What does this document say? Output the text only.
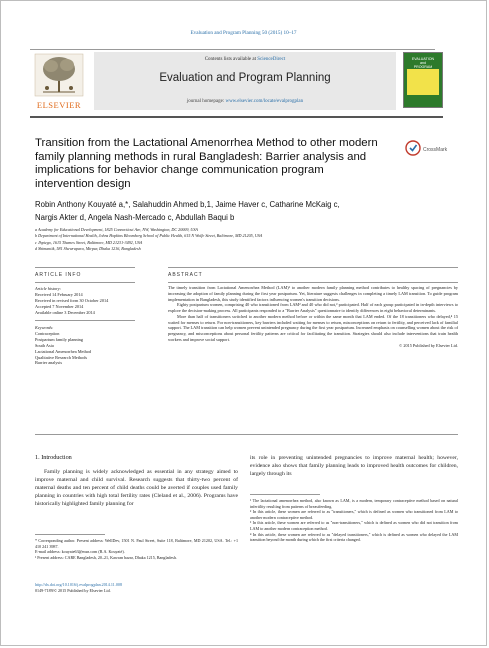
Evaluation and Program Planning 50 (2015) 10–17
ELSEVIER
Contents lists available at ScienceDirect
Evaluation and Program Planning
journal homepage: www.elsevier.com/locate/evalprogplan
EVALUATION
and
PROGRAM
Transition from the Lactational Amenorrhea Method to other modern family planning methods in rural Bangladesh: Barrier analysis and implications for behavior change communication program intervention design
CrossMark
Robin Anthony Kouyaté a,*, Salahuddin Ahmed b,1, Jaime Haver c, Catharine McKaig c,
Nargis Akter d, Angela Nash-Mercado c, Abdullah Baqui b
a Academy for Educational Development, 1825 Connecticut Ave, NW, Washington, DC 20009, USA
b Department of International Health, Johns Hopkins Bloomberg School of Public Health, 615 N Wolfe Street, Baltimore, MD 21205, USA
c Jhpiego, 1615 Thames Street, Baltimore, MD 21231-3492, USA
d Shimantik, 581 Shewrapara, Mirpur, Dhaka 1216, Bangladesh
ARTICLE INFO
Article history:
Received 14 February 2014
Received in revised form 30 October 2014
Accepted 7 November 2014
Available online 3 December 2014
Keywords:
Contraception
Postpartum family planning
South Asia
Lactational Amenorrhea Method
Qualitative Research Methods
Barrier analysis
ABSTRACT

The timely transition from Lactational Amenorrhea Method (LAM)¹ to another modern family planning method contributes to healthy spacing of pregnancies by increasing the adoption of family planning during the first year postpartum. Yet, literature suggests challenges in completing a timely LAM transition. To guide program implementation in Bangladesh, this study identified factors influencing women's transition decisions.

Eighty postpartum women, comprising 40 who transitioned from LAM² and 40 who did not,³ participated. Half of each group participated in in-depth interviews to explore the decision-making process. All participants responded to a "Barrier Analysis" questionnaire to identify differences in eight behavioral determinants.

More than half of transitioners switched to another modern method before or within the same month that LAM ended. Of the 18 transitioners who delayed,⁴ 15 waited for menses to return. For non-transitioners, key barriers included waiting for menses to return, misconceptions on return to fertility, and perceived lack of familial support. The LAM transition can help women prevent unintended pregnancy during the first year postpartum. Increased emphasis on counselling women about the risk of pregnancy, and misconceptions about personal fertility patterns are critical for facilitating the transition. Strategies should also include interventions that train health workers and improve social support.

© 2015 Published by Elsevier Ltd.

1. Introduction
Family planning is widely acknowledged as essential in any strategy aimed to improve maternal and child survival. Research suggests that thirty-two percent of maternal deaths and ten percent of child deaths could be averted if couples used family planning in countries with high total fertility rates (Cleland et al., 2006). Programs have historically highlighted family planning for
its role in preventing unintended pregnancies to improve maternal health; however, evidence also shows that family planning leads to improved health outcomes for children, largely through its

* Corresponding author. Present address: WellDev, 1501 N. Paul Street, Suite 118, Baltimore, MD 21202, USA. Tel.: +1 410 241 3987.

E-mail address: kouyate63@msn.com (R.A. Kouyaté).

¹ Present address: CARE Bangladesh, 20–21, Kawran bazar, Dhaka 1215, Bangladesh.

http://dx.doi.org/10.1016/j.evalprogplan.2014.11.008

0149-7189/© 2015 Published by Elsevier Ltd.

¹ The lactational amenorrhea method, also known as LAM, is a modern, temporary contraceptive method based on natural infertility resulting from patterns of breastfeeding.

² In this article, these women are referred to as "transitioners," which is defined as women who transitioned from LAM to another modern contraceptive method.

³ In this article, these women are referred to as "non-transitioners," which is defined as women who did not transition from LAM to another modern contraception method.

⁴ In this article, these women are referred to as "delayed transitioners," which is defined as women who delayed the LAM transition beyond the month during which the first criteria changed.
